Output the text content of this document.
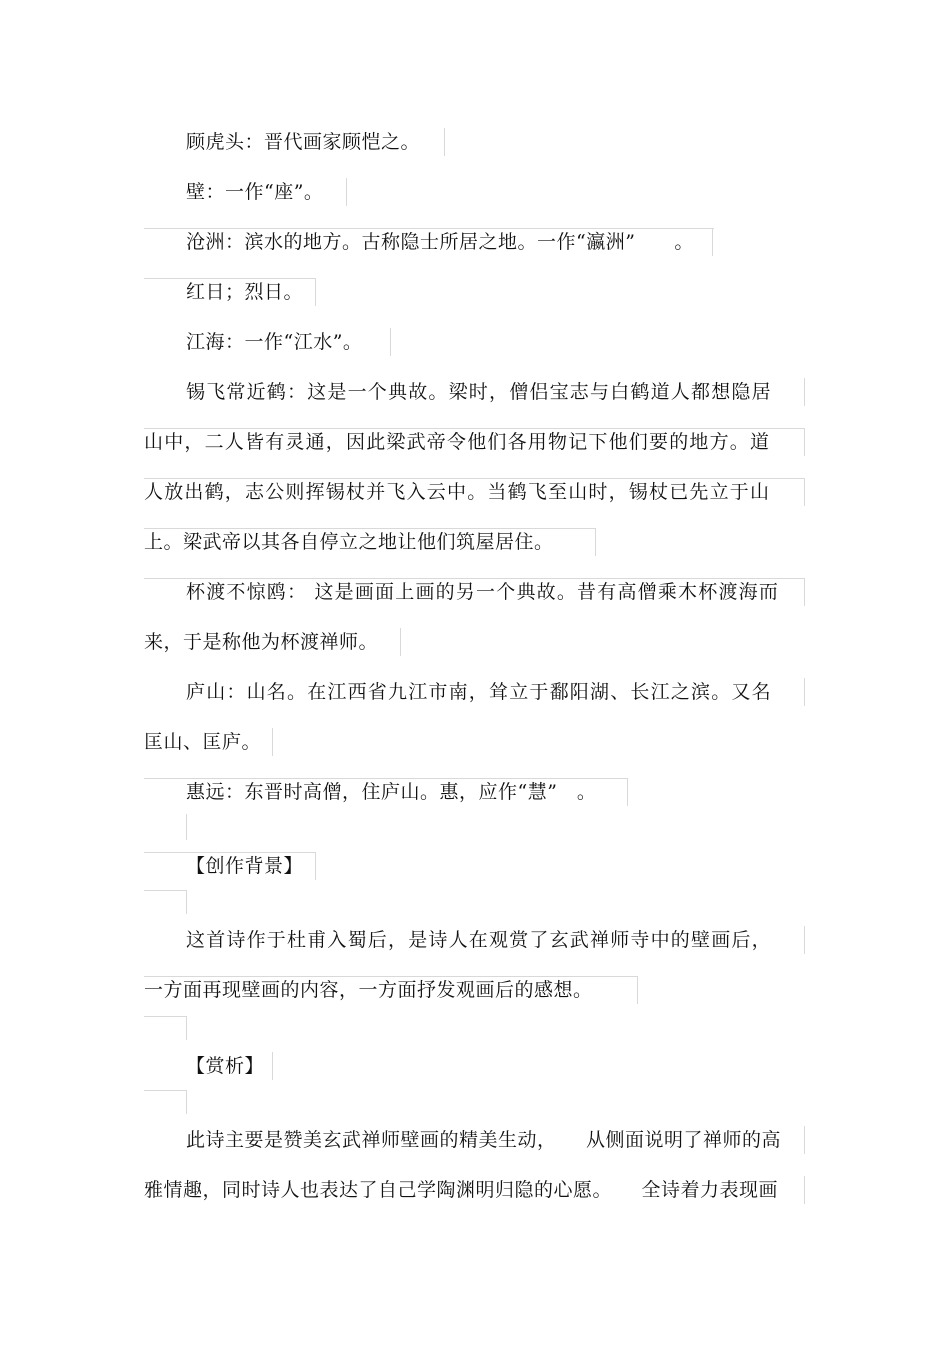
顾虎头：晋代画家顾恺之。
壁：一作“座”。
沧洲：滨水的地方。古称隐士所居之地。一作“瀛洲”　　。
红日；烈日。
江海：一作“江水”。
锡飞常近鹤：这是一个典故。梁时，僧侣宝志与白鹤道人都想隐居
山中，二人皆有灵通，因此梁武帝令他们各用物记下他们要的地方。道
人放出鹤，志公则挥锡杖并飞入云中。当鹤飞至山时，锡杖已先立于山
上。梁武帝以其各自停立之地让他们筑屋居住。
杯渡不惊鸥： 这是画面上画的另一个典故。昔有高僧乘木杯渡海而
来，于是称他为杯渡禅师。
庐山：山名。在江西省九江市南，耸立于鄱阳湖、长江之滨。又名
匡山、匡庐。
惠远：东晋时高僧，住庐山。惠，应作“慧”　。
【创作背景】
这首诗作于杜甫入蜀后，是诗人在观赏了玄武禅师寺中的壁画后，
一方面再现壁画的内容，一方面抒发观画后的感想。
【赏析】
此诗主要是赞美玄武禅师壁画的精美生动，　　从侧面说明了禅师的高
雅情趣，同时诗人也表达了自己学陶渊明归隐的心愿。　　全诗着力表现画
